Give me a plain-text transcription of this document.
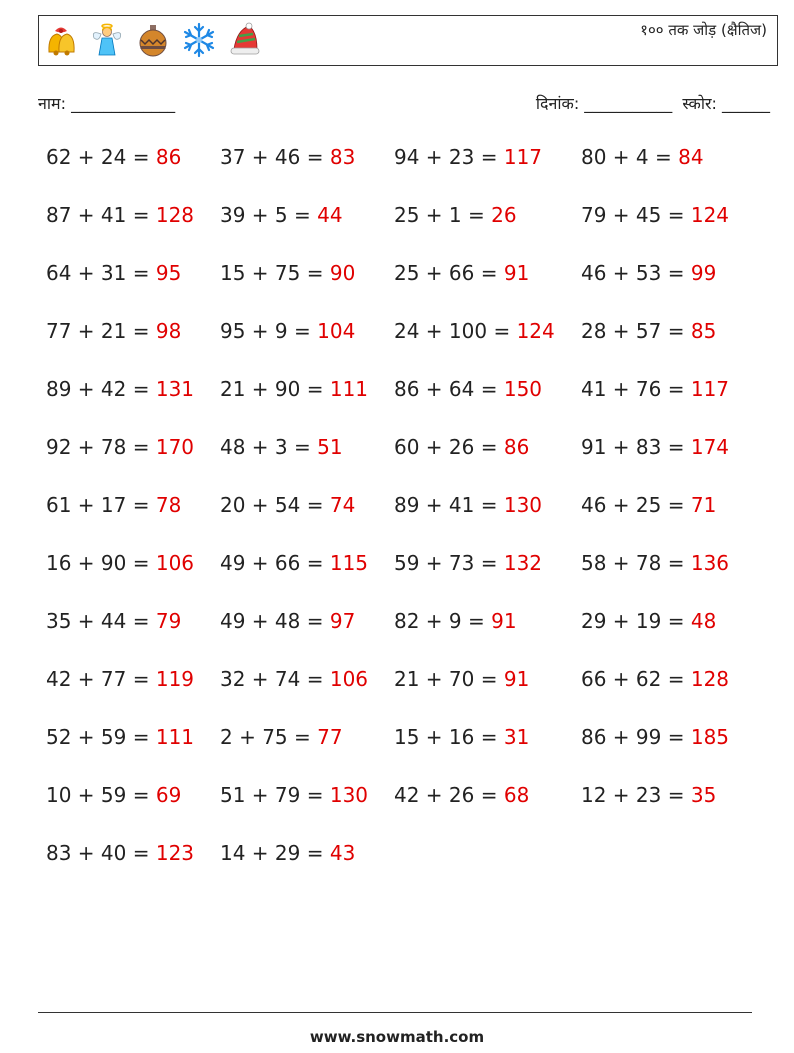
१०० तक जोड़ (क्षैतिज)
नाम: _____________	दिनांक: ___________ स्कोर: ______
62 + 24 = 86 37 + 46 = 83 94 + 23 = 117 80 + 4 = 84
87 + 41 = 128 39 + 5 = 44	25 + 1 = 26	79 + 45 = 124
64 + 31 = 95 15 + 75 = 90 25 + 66 = 91	46 + 53 = 99
77 + 21 = 98 95 + 9 = 104 24 + 100 = 124 28 + 57 = 85
89 + 42 = 131 21 + 90 = 111 86 + 64 = 150 41 + 76 = 117
92 + 78 = 170 48 + 3 = 51	60 + 26 = 86	91 + 83 = 174
61 + 17 = 78 20 + 54 = 74 89 + 41 = 130 46 + 25 = 71
16 + 90 = 106 49 + 66 = 115 59 + 73 = 132 58 + 78 = 136
35 + 44 = 79 49 + 48 = 97 82 + 9 = 91	29 + 19 = 48
42 + 77 = 119 32 + 74 = 106 21 + 70 = 91	66 + 62 = 128
52 + 59 = 111 2 + 75 = 77	15 + 16 = 31	86 + 99 = 185
10 + 59 = 69 51 + 79 = 130 42 + 26 = 68	12 + 23 = 35
83 + 40 = 123 14 + 29 = 43
www.snowmath.com
